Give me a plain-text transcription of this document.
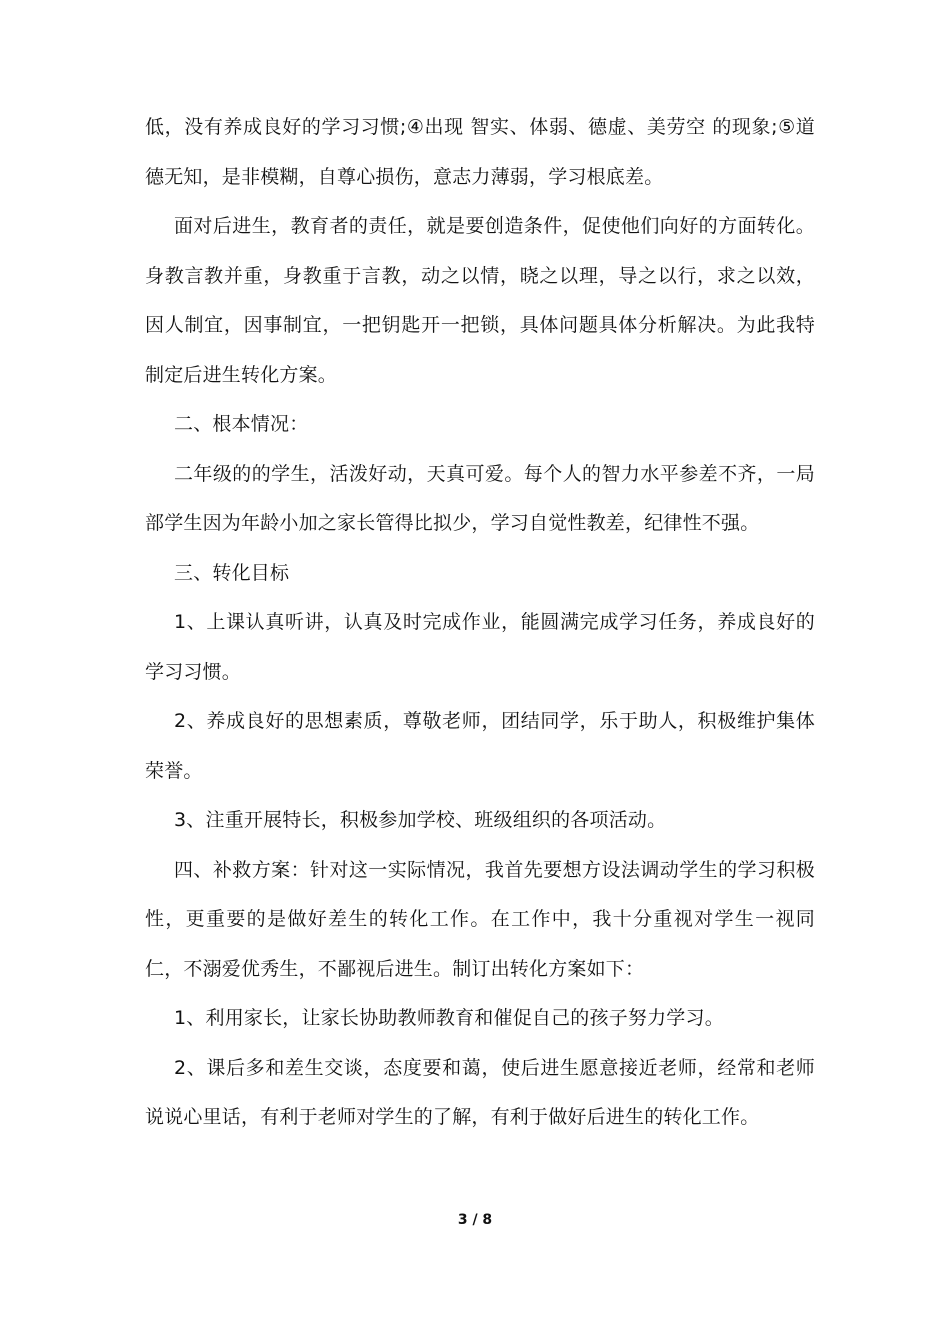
低，没有养成良好的学习习惯;④出现 智实、体弱、德虚、美劳空 的现象;⑤道德无知，是非模糊，自尊心损伤，意志力薄弱，学习根底差。

面对后进生，教育者的责任，就是要创造条件，促使他们向好的方面转化。身教言教并重，身教重于言教，动之以情，晓之以理，导之以行，求之以效，因人制宜，因事制宜，一把钥匙开一把锁，具体问题具体分析解决。为此我特制定后进生转化方案。

二、根本情况：

二年级的的学生，活泼好动，天真可爱。每个人的智力水平参差不齐，一局部学生因为年龄小加之家长管得比拟少，学习自觉性教差，纪律性不强。

三、转化目标

1、上课认真听讲，认真及时完成作业，能圆满完成学习任务，养成良好的学习习惯。

2、养成良好的思想素质，尊敬老师，团结同学，乐于助人，积极维护集体荣誉。

3、注重开展特长，积极参加学校、班级组织的各项活动。

四、补救方案：针对这一实际情况，我首先要想方设法调动学生的学习积极性，更重要的是做好差生的转化工作。在工作中，我十分重视对学生一视同仁，不溺爱优秀生，不鄙视后进生。制订出转化方案如下：

1、利用家长，让家长协助教师教育和催促自己的孩子努力学习。

2、课后多和差生交谈，态度要和蔼，使后进生愿意接近老师，经常和老师说说心里话，有利于老师对学生的了解，有利于做好后进生的转化工作。

3 / 8
